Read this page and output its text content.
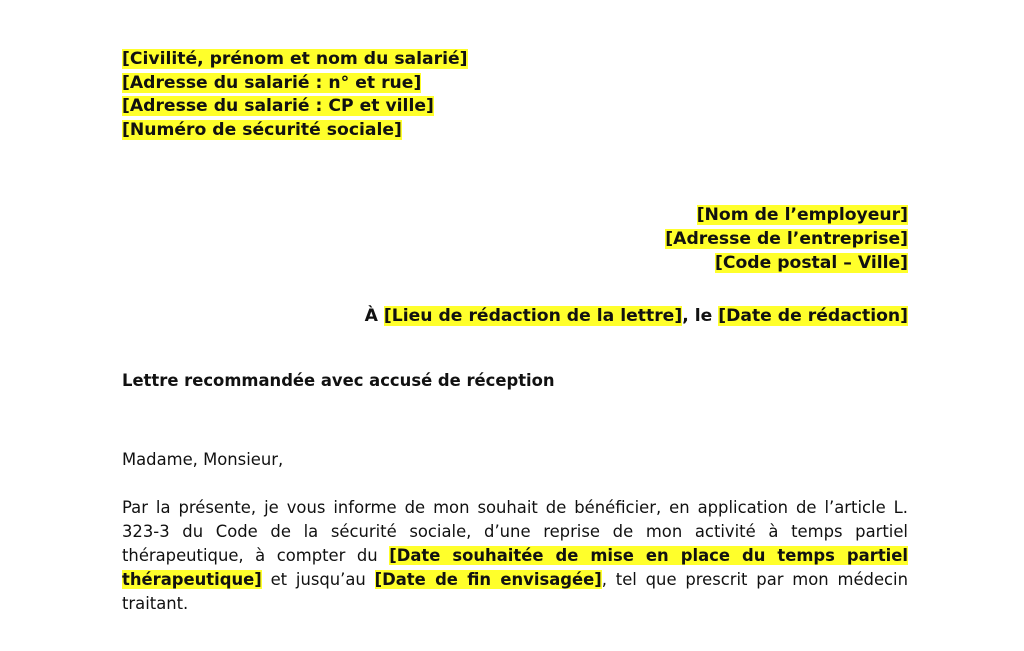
[Civilité, prénom et nom du salarié]
[Adresse du salarié : n° et rue]
[Adresse du salarié : CP et ville]
[Numéro de sécurité sociale]
[Nom de l’employeur]
[Adresse de l’entreprise]
[Code postal – Ville]
À [Lieu de rédaction de la lettre], le [Date de rédaction]
Lettre recommandée avec accusé de réception
Madame, Monsieur,
Par la présente, je vous informe de mon souhait de bénéficier, en application de l’article L. 323-3 du Code de la sécurité sociale, d’une reprise de mon activité à temps partiel thérapeutique, à compter du [Date souhaitée de mise en place du temps partiel thérapeutique] et jusqu’au [Date de fin envisagée], tel que prescrit par mon médecin traitant.
